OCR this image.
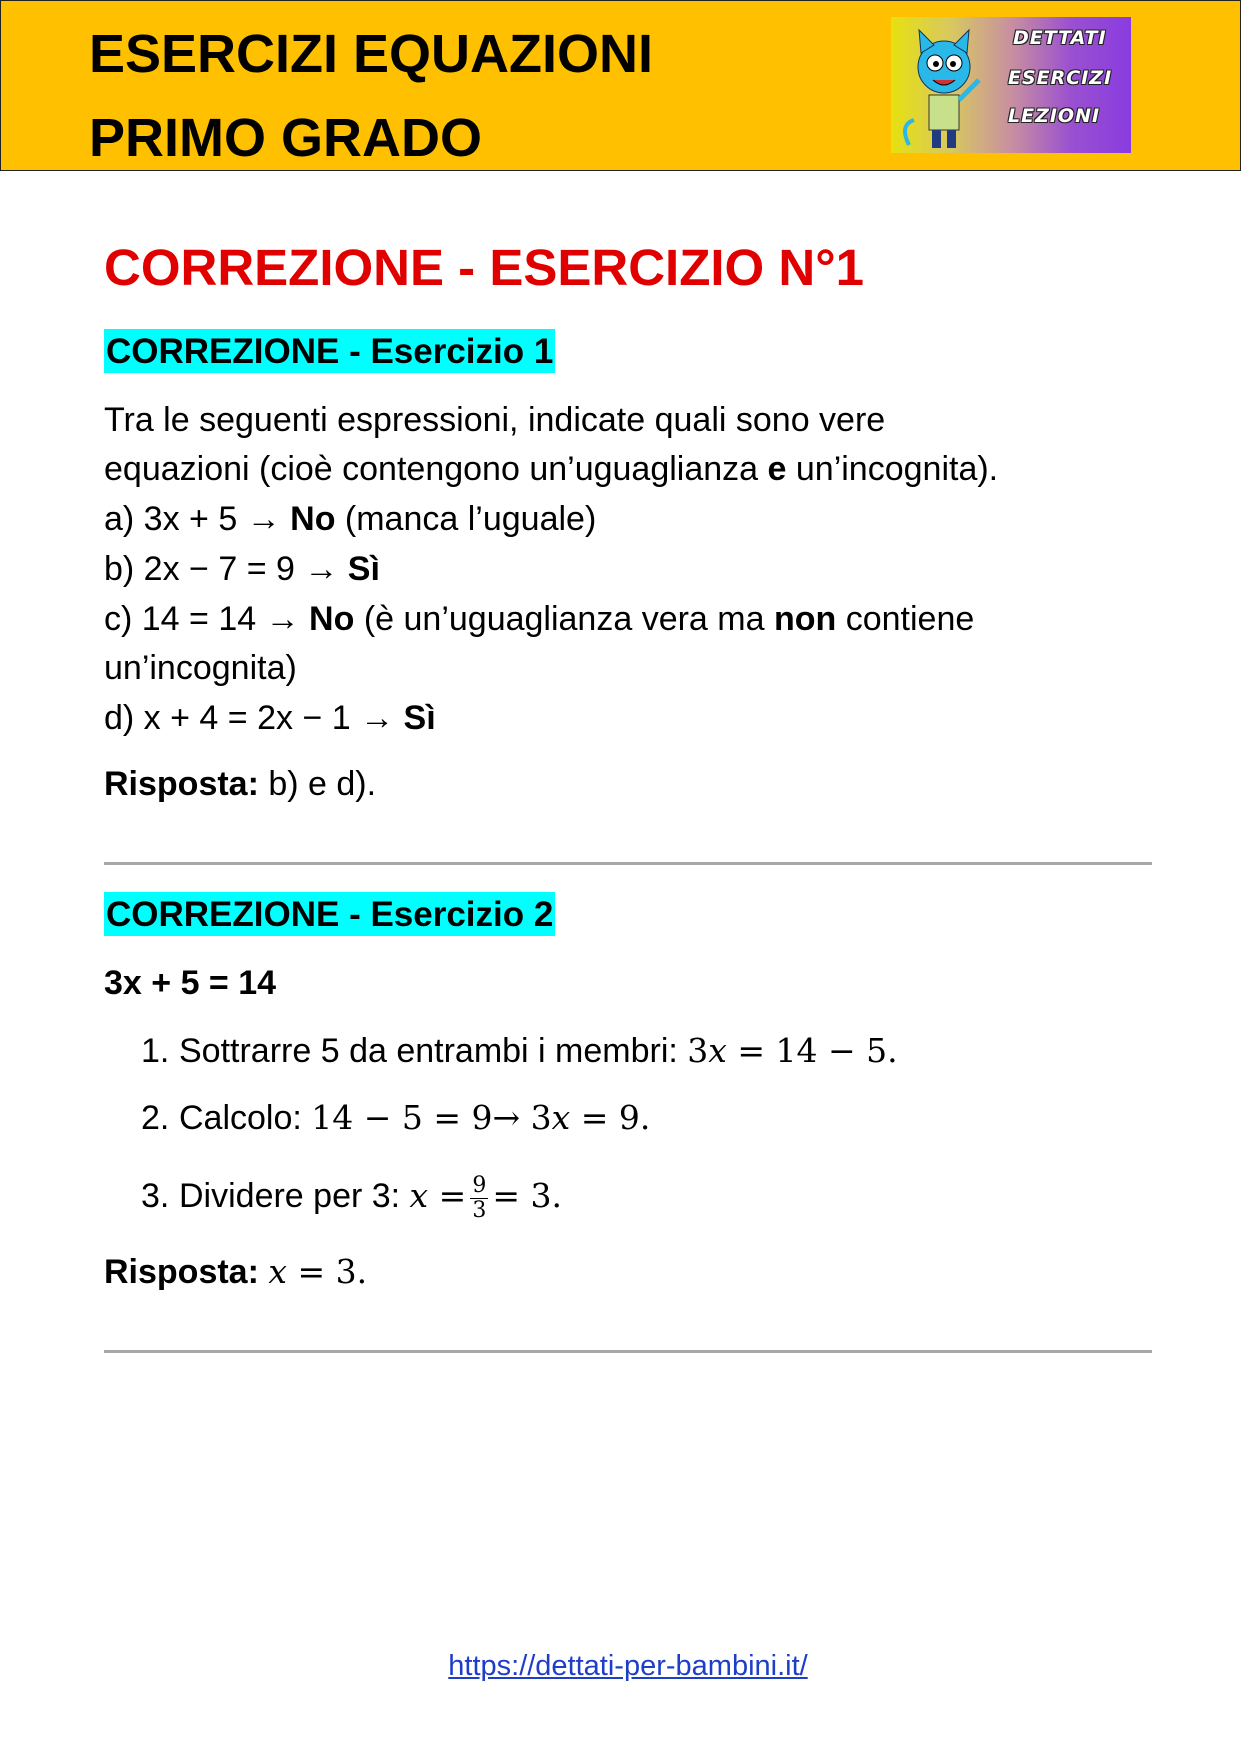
ESERCIZI EQUAZIONI
PRIMO GRADO
DETTATI
ESERCIZI
LEZIONI
CORREZIONE - ESERCIZIO N°1
CORREZIONE - Esercizio 1
Tra le seguenti espressioni, indicate quali sono vere
equazioni (cioè contengono un’uguaglianza e un’incognita).
a) 3x + 5 → No (manca l’uguale)
b) 2x − 7 = 9 → Sì
c) 14 = 14 → No (è un’uguaglianza vera ma non contiene
un’incognita)
d) x + 4 = 2x − 1 → Sì
Risposta: b) e d).
CORREZIONE - Esercizio 2
3x + 5 = 14
1. Sottrarre 5 da entrambi i membri: 3𝑥 = 14 − 5.
2. Calcolo: 14 − 5 = 9→ 3𝑥 = 9.
3. Dividere per 3: 𝑥 = $\frac{9}{3} = 3$.
Risposta: 𝑥 = 3.
https://dettati-per-bambini.it/
